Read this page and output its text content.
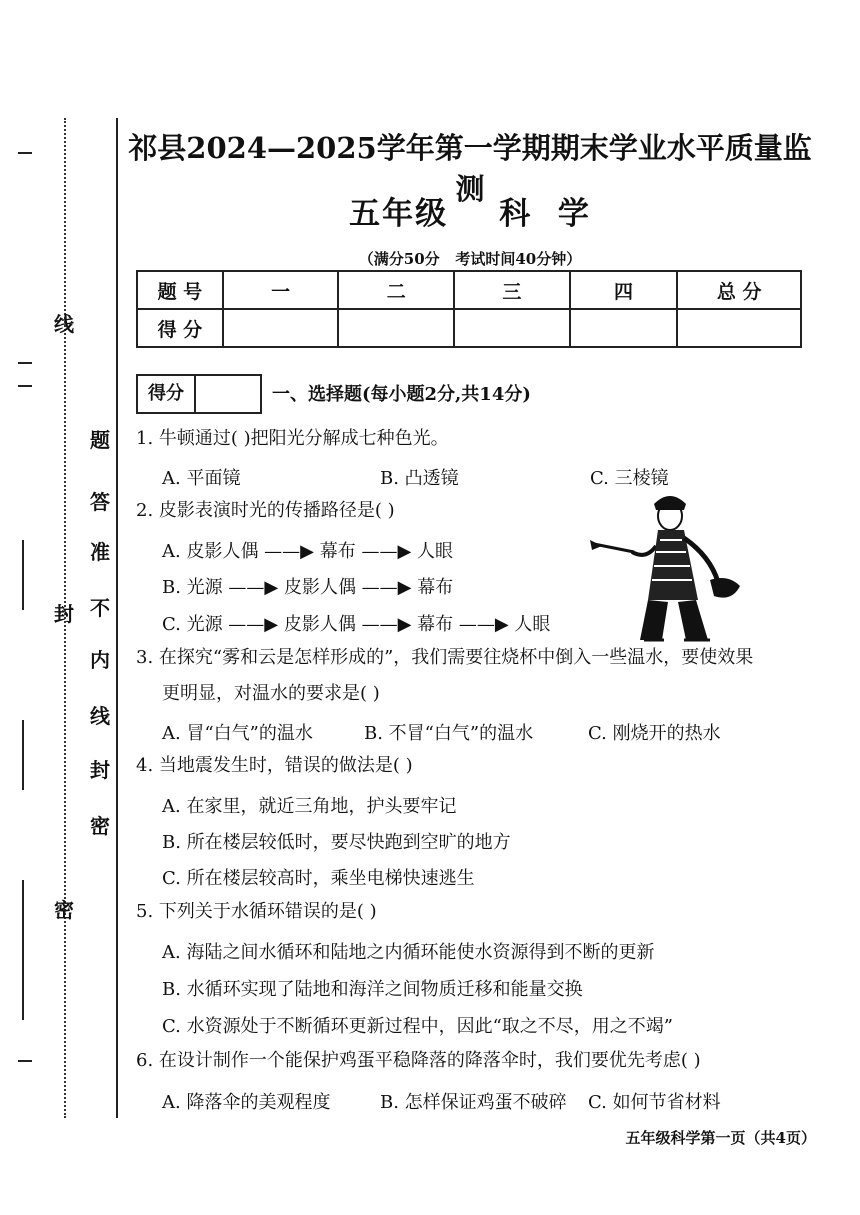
线
封
密
题
答
准
不
内
线
封
密
祁县2024—2025学年第一学期期末学业水平质量监测
五年级    科  学
（满分50分   考试时间40分钟）
题 号	一	二	三	四	总 分
得 分					
得分	一、选择题(每小题2分,共14分)
1. 牛顿通过( )把阳光分解成七种色光。
A. 平面镜	B. 凸透镜	C. 三棱镜
2. 皮影表演时光的传播路径是( )
A. 皮影人偶 ——▶ 幕布 ——▶ 人眼
B. 光源 ——▶ 皮影人偶 ——▶ 幕布
C. 光源 ——▶ 皮影人偶 ——▶ 幕布 ——▶ 人眼
3. 在探究“雾和云是怎样形成的”，我们需要往烧杯中倒入一些温水，要使效果
更明显，对温水的要求是( )
A. 冒“白气”的温水	B. 不冒“白气”的温水	C. 刚烧开的热水
4. 当地震发生时，错误的做法是( )
A. 在家里，就近三角地，护头要牢记
B. 所在楼层较低时，要尽快跑到空旷的地方
C. 所在楼层较高时，乘坐电梯快速逃生
5. 下列关于水循环错误的是( )
A. 海陆之间水循环和陆地之内循环能使水资源得到不断的更新
B. 水循环实现了陆地和海洋之间物质迁移和能量交换
C. 水资源处于不断循环更新过程中，因此“取之不尽，用之不竭”
6. 在设计制作一个能保护鸡蛋平稳降落的降落伞时，我们要优先考虑( )
A. 降落伞的美观程度	B. 怎样保证鸡蛋不破碎 C. 如何节省材料
五年级科学第一页（共4页）
